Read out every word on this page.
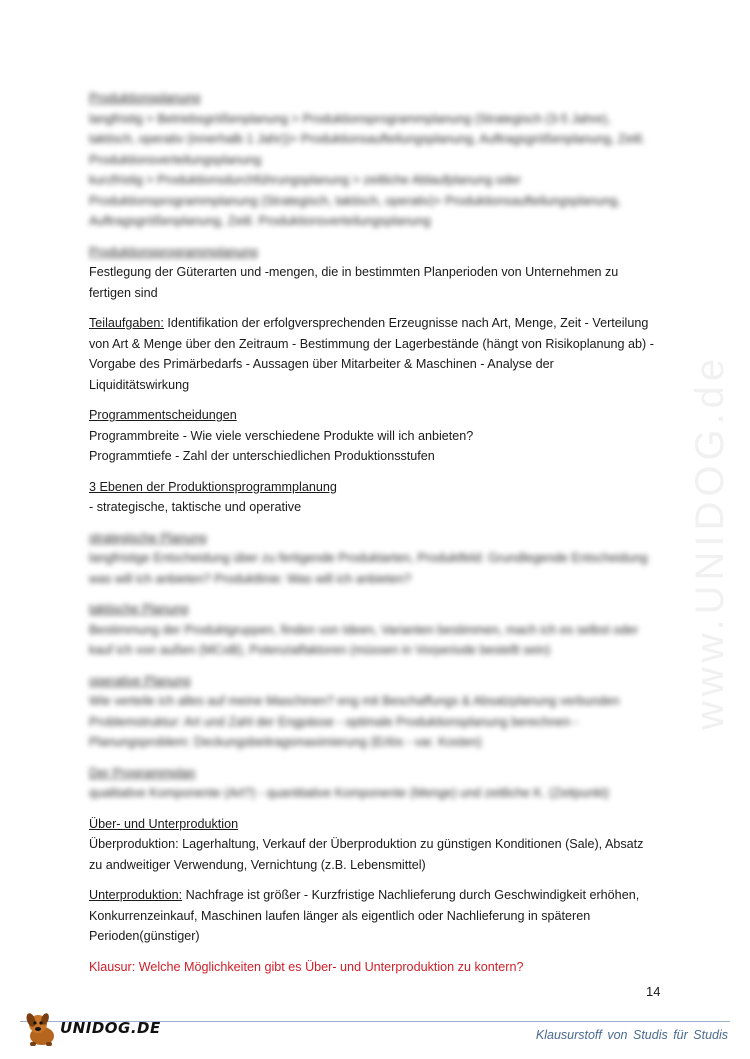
www.UNIDOG.de
Produktionsplanung
langfristig > Betriebsgrößenplanung > Produktionsprogrammplanung (Strategisch (3-5 Jahre),
taktisch, operativ (innerhalb 1 Jahr))> Produktionsaufteilungsplanung, Auftragsgrößenplanung, Zeitl.
Produktionsverteilungsplanung
kurzfristig > Produktionsdurchführungsplanung > zeitliche Ablaufplanung oder
Produktionsprogrammplanung (Strategisch, taktisch, operativ)> Produktionsaufteilungsplanung,
Auftragsgrößenplanung, Zeitl. Produktionsverteilungsplanung
Produktionsprogrammplanung
Festlegung der Güterarten und -mengen, die in bestimmten Planperioden von Unternehmen zu
fertigen sind
Teilaufgaben: Identifikation der erfolgversprechenden Erzeugnisse nach Art, Menge, Zeit - Verteilung
von Art & Menge über den Zeitraum - Bestimmung der Lagerbestände (hängt von Risikoplanung ab) -
Vorgabe des Primärbedarfs - Aussagen über Mitarbeiter & Maschinen - Analyse der
Liquiditätswirkung
Programmentscheidungen
Programmbreite - Wie viele verschiedene Produkte will ich anbieten?
Programmtiefe - Zahl der unterschiedlichen Produktionsstufen
3 Ebenen der Produktionsprogrammplanung
- strategische, taktische und operative
strategische Planung
langfristige Entscheidung über zu fertigende Produktarten, Produktfeld: Grundlegende Entscheidung
was will ich anbieten? Produktlinie: Was will ich anbieten?
taktische Planung
Bestimmung der Produktgruppen, finden von Ideen, Varianten bestimmen, mach ich es selbst oder
kauf ich von außen (MCoB), Potenzialfaktoren (müssen in Vorperiode bestellt sein)
operative Planung
Wie verteile ich alles auf meine Maschinen? eng mit Beschaffungs & Absatzplanung verbunden
Problemstruktur: Art und Zahl der Engpässe - optimale Produktionsplanung berechnen -
Planungsproblem: Deckungsbeitragsmaximierung (Erlös - var. Kosten)
Der Programmplan
qualitative Komponente (Art?) - quantitative Komponente (Menge) und zeitliche K. (Zeitpunkt)
Über- und Unterproduktion
Überproduktion: Lagerhaltung, Verkauf der Überproduktion zu günstigen Konditionen (Sale), Absatz
zu andweitiger Verwendung, Vernichtung (z.B. Lebensmittel)
Unterproduktion: Nachfrage ist größer - Kurzfristige Nachlieferung durch Geschwindigkeit erhöhen,
Konkurrenzeinkauf, Maschinen laufen länger als eigentlich oder Nachlieferung in späteren
Perioden(günstiger)
Klausur: Welche Möglichkeiten gibt es Über- und Unterproduktion zu kontern?
14
UNIDOG.DE	Klausurstoff von Studis für Studis
